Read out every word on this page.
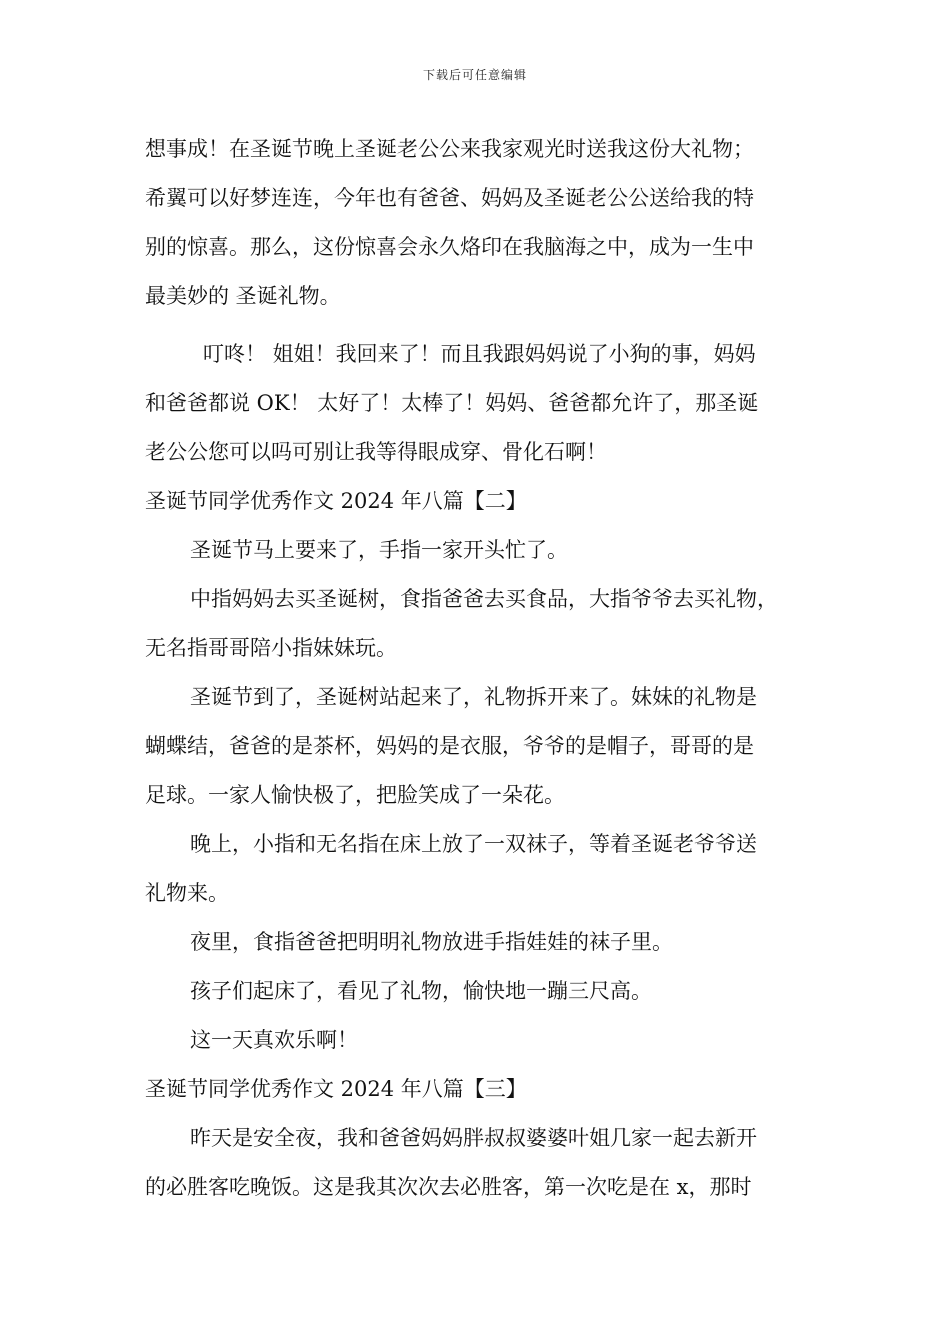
下载后可任意编辑
想事成！在圣诞节晚上圣诞老公公来我家观光时送我这份大礼物；
希翼可以好梦连连，今年也有爸爸、妈妈及圣诞老公公送给我的特
别的惊喜。那么，这份惊喜会永久烙印在我脑海之中，成为一生中
最美妙的 圣诞礼物。
叮咚！ 姐姐！我回来了！而且我跟妈妈说了小狗的事，妈妈
和爸爸都说 OK！ 太好了！太棒了！妈妈、爸爸都允许了，那圣诞
老公公您可以吗可别让我等得眼成穿、骨化石啊！
圣诞节同学优秀作文 2024 年八篇【二】
圣诞节马上要来了，手指一家开头忙了。
中指妈妈去买圣诞树，食指爸爸去买食品，大指爷爷去买礼物，
无名指哥哥陪小指妹妹玩。
圣诞节到了，圣诞树站起来了，礼物拆开来了。妹妹的礼物是
蝴蝶结，爸爸的是茶杯，妈妈的是衣服，爷爷的是帽子，哥哥的是
足球。一家人愉快极了，把脸笑成了一朵花。
晚上，小指和无名指在床上放了一双袜子，等着圣诞老爷爷送
礼物来。
夜里，食指爸爸把明明礼物放进手指娃娃的袜子里。
孩子们起床了，看见了礼物，愉快地一蹦三尺高。
这一天真欢乐啊！
圣诞节同学优秀作文 2024 年八篇【三】
昨天是安全夜，我和爸爸妈妈胖叔叔婆婆叶姐几家一起去新开
的必胜客吃晚饭。这是我其次次去必胜客，第一次吃是在 x，那时
